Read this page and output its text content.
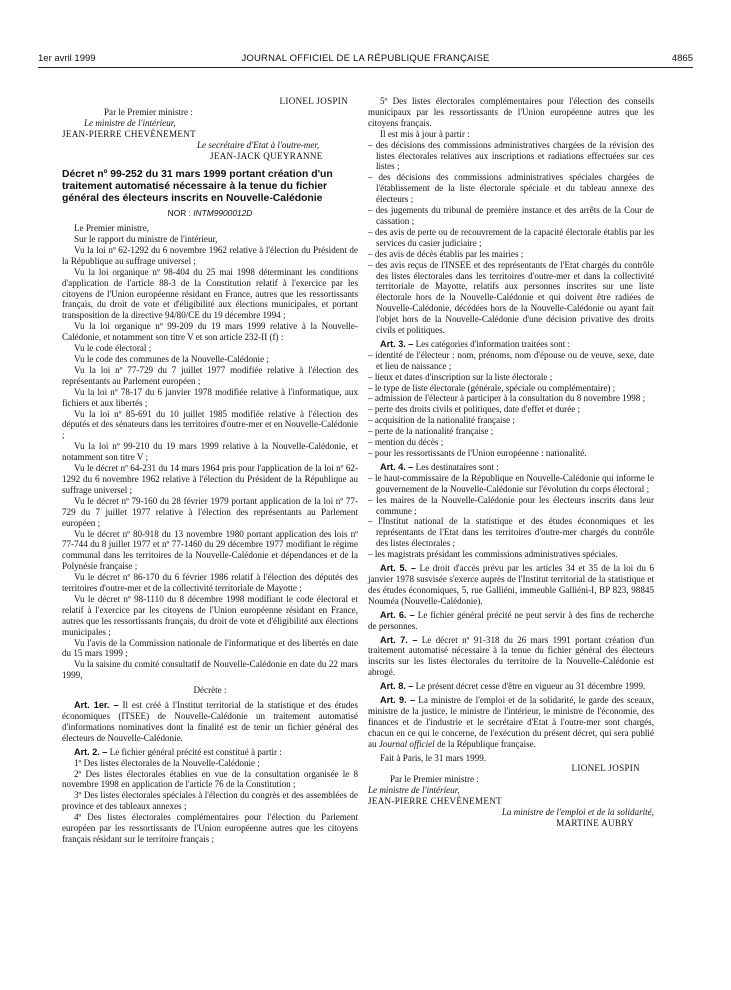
1er avril 1999	JOURNAL OFFICIEL DE LA RÉPUBLIQUE FRANÇAISE	4865

LIONEL JOSPIN

Par le Premier ministre :

Le ministre de l'intérieur,

JEAN-PIERRE CHEVÈNEMENT

Le secrétaire d'Etat à l'outre-mer,

JEAN-JACK QUEYRANNE

Décret nº 99-252 du 31 mars 1999 portant création d'un traitement automatisé nécessaire à la tenue du fichier général des électeurs inscrits en Nouvelle-Calédonie
NOR : INTM9900012D

Le Premier ministre,

Sur le rapport du ministre de l'intérieur,

Vu la loi nº 62-1292 du 6 novembre 1962 relative à l'élection du Président de la République au suffrage universel ;

Vu la loi organique nº 98-404 du 25 mai 1998 déterminant les conditions d'application de l'article 88-3 de la Constitution relatif à l'exercice par les citoyens de l'Union européenne résidant en France, autres que les ressortissants français, du droit de vote et d'éligibilité aux élections municipales, et portant transposition de la directive 94/80/CE du 19 décembre 1994 ;

Vu la loi organique nº 99-209 du 19 mars 1999 relative à la Nouvelle-Calédonie, et notamment son titre V et son article 232-II (f) :

Vu le code électoral ;

Vu le code des communes de la Nouvelle-Calédonie ;

Vu la loi nº 77-729 du 7 juillet 1977 modifiée relative à l'élection des représentants au Parlement européen ;

Vu la loi nº 78-17 du 6 janvier 1978 modifiée relative à l'informatique, aux fichiers et aux libertés ;

Vu la loi nº 85-691 du 10 juillet 1985 modifiée relative à l'élection des députés et des sénateurs dans les territoires d'outre-mer et en Nouvelle-Calédonie ;

Vu la loi nº 99-210 du 19 mars 1999 relative à la Nouvelle-Calédonie, et notamment son titre V ;

Vu le décret nº 64-231 du 14 mars 1964 pris pour l'application de la loi nº 62-1292 du 6 novembre 1962 relative à l'élection du Président de la République au suffrage universel ;

Vu le décret nº 79-160 du 28 février 1979 portant application de la loi nº 77-729 du 7 juillet 1977 relative à l'élection des représentants au Parlement européen ;

Vu le décret nº 80-918 du 13 novembre 1980 portant application des lois nº 77-744 du 8 juillet 1977 et nº 77-1460 du 29 décembre 1977 modifiant le régime communal dans les territoires de la Nouvelle-Calédonie et dépendances et de la Polynésie française ;

Vu le décret nº 86-170 du 6 février 1986 relatif à l'élection des députés des territoires d'outre-mer et de la collectivité territoriale de Mayotte ;

Vu le décret nº 98-1110 du 8 décembre 1998 modifiant le code électoral et relatif à l'exercice par les citoyens de l'Union européenne résidant en France, autres que les ressortissants français, du droit de vote et d'éligibilité aux élections municipales ;

Vu l'avis de la Commission nationale de l'informatique et des libertés en date du 15 mars 1999 ;

Vu la saisine du comité consultatif de Nouvelle-Calédonie en date du 22 mars 1999,

Décrète :

Art. 1er. – Il est créé à l'Institut territorial de la statistique et des études économiques (ITSEE) de Nouvelle-Calédonie un traitement automatisé d'informations nominatives dont la finalité est de tenir un fichier général des électeurs de Nouvelle-Calédonie.

Art. 2. – Le fichier général précité est constitué à partir :

1º Des listes électorales de la Nouvelle-Calédonie ;

2º Des listes électorales établies en vue de la consultation organisée le 8 novembre 1998 en application de l'article 76 de la Constitution ;

3º Des listes électorales spéciales à l'élection du congrès et des assemblées de province et des tableaux annexes ;

4º Des listes électorales complémentaires pour l'élection du Parlement européen par les ressortissants de l'Union européenne autres que les citoyens français résidant sur le territoire français ;

5º Des listes électorales complémentaires pour l'élection des conseils municipaux par les ressortissants de l'Union européenne autres que les citoyens français.

Il est mis à jour à partir :

– des décisions des commissions administratives chargées de la révision des listes électorales relatives aux inscriptions et radiations effectuées sur ces listes ;

– des décisions des commissions administratives spéciales chargées de l'établissement de la liste électorale spéciale et du tableau annexe des électeurs ;

– des jugements du tribunal de première instance et des arrêts de la Cour de cassation ;

– des avis de perte ou de recouvrement de la capacité électorale établis par les services du casier judiciaire ;

– des avis de décès établis par les mairies ;

– des avis reçus de l'INSEE et des représentants de l'Etat chargés du contrôle des listes électorales dans les territoires d'outre-mer et dans la collectivité territoriale de Mayotte, relatifs aux personnes inscrites sur une liste électorale hors de la Nouvelle-Calédonie et qui doivent être radiées de Nouvelle-Calédonie, décédées hors de la Nouvelle-Calédonie ou ayant fait l'objet hors de la Nouvelle-Calédonie d'une décision privative des droits civils et politiques.

Art. 3. – Les catégories d'information traitées sont :

– identité de l'électeur : nom, prénoms, nom d'épouse ou de veuve, sexe, date et lieu de naissance ;

– lieux et dates d'inscription sur la liste électorale ;

– le type de liste électorale (générale, spéciale ou complémentaire) ;

– admission de l'électeur à participer à la consultation du 8 novembre 1998 ;

– perte des droits civils et politiques, date d'effet et durée ;

– acquisition de la nationalité française ;

– perte de la nationalité française ;

– mention du décès ;

– pour les ressortissants de l'Union européenne : nationalité.

Art. 4. – Les destinataires sont :

– le haut-commissaire de la République en Nouvelle-Calédonie qui informe le gouvernement de la Nouvelle-Calédonie sur l'évolution du corps électoral ;

– les maires de la Nouvelle-Calédonie pour les électeurs inscrits dans leur commune ;

– l'Institut national de la statistique et des études économiques et les représentants de l'Etat dans les territoires d'outre-mer chargés du contrôle des listes électorales ;

– les magistrats présidant les commissions administratives spéciales.

Art. 5. – Le droit d'accès prévu par les articles 34 et 35 de la loi du 6 janvier 1978 susvisée s'exerce auprès de l'Institut territorial de la statistique et des études économiques, 5, rue Galliéni, immeuble Galliéni-I, BP 823, 98845 Nouméa (Nouvelle-Calédonie).

Art. 6. – Le fichier général précité ne peut servir à des fins de recherche de personnes.

Art. 7. – Le décret nº 91-318 du 26 mars 1991 portant création d'un traitement automatisé nécessaire à la tenue du fichier général des électeurs inscrits sur les listes électorales du territoire de la Nouvelle-Calédonie est abrogé.

Art. 8. – Le présent décret cesse d'être en vigueur au 31 décembre 1999.

Art. 9. – La ministre de l'emploi et de la solidarité, le garde des sceaux, ministre de la justice, le ministre de l'intérieur, le ministre de l'économie, des finances et de l'industrie et le secrétaire d'Etat à l'outre-mer sont chargés, chacun en ce qui le concerne, de l'exécution du présent décret, qui sera publié au Journal officiel de la République française.

Fait à Paris, le 31 mars 1999.

LIONEL JOSPIN

Par le Premier ministre :

Le ministre de l'intérieur,

JEAN-PIERRE CHEVÈNEMENT

La ministre de l'emploi et de la solidarité,

MARTINE AUBRY
